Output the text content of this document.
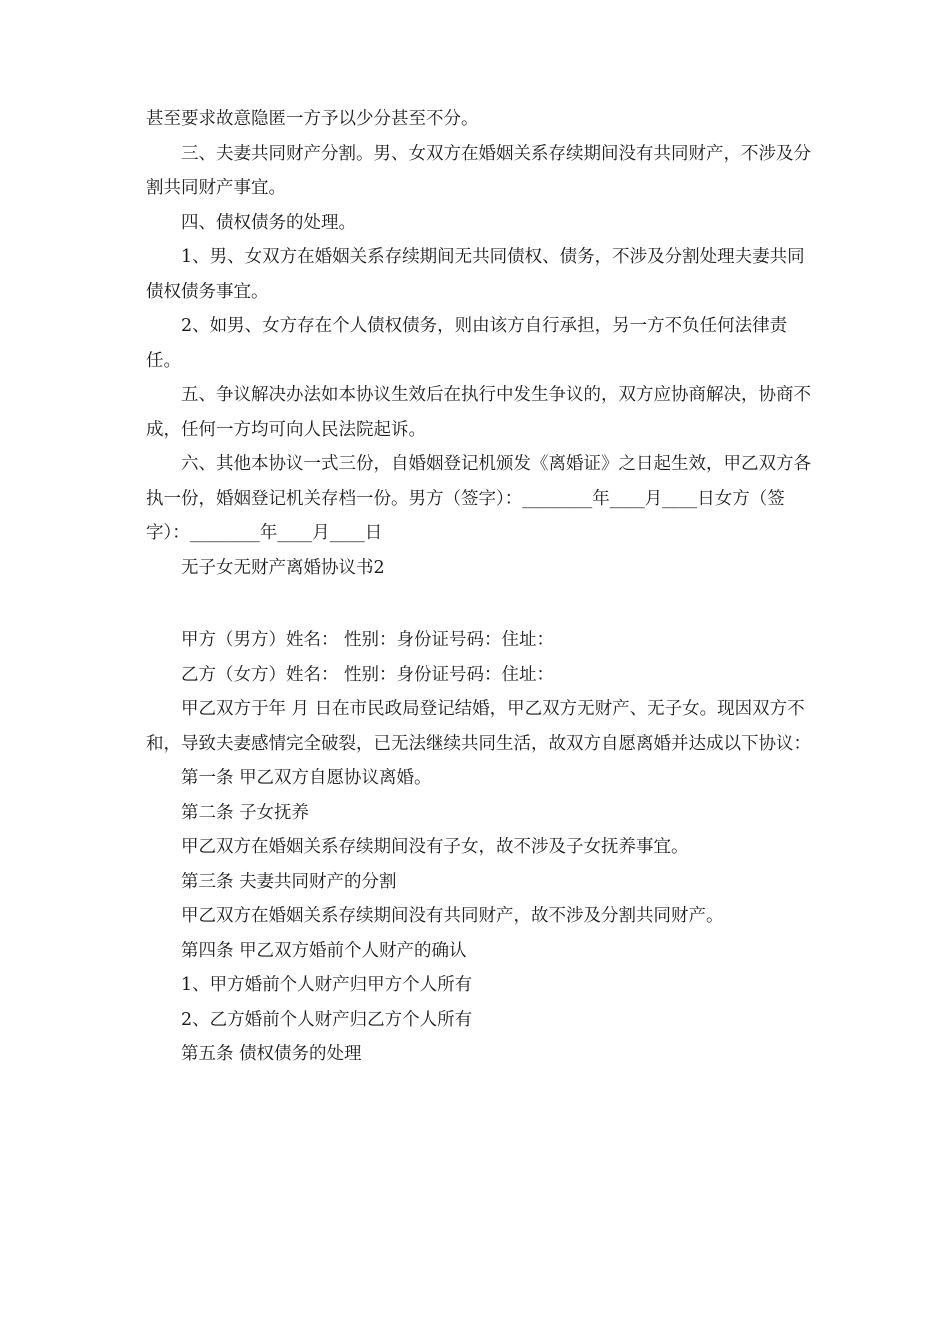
甚至要求故意隐匿一方予以少分甚至不分。

三、夫妻共同财产分割。男、女双方在婚姻关系存续期间没有共同财产，不涉及分割共同财产事宜。

四、债权债务的处理。

1、男、女双方在婚姻关系存续期间无共同债权、债务，不涉及分割处理夫妻共同债权债务事宜。

2、如男、女方存在个人债权债务，则由该方自行承担，另一方不负任何法律责任。

五、争议解决办法如本协议生效后在执行中发生争议的，双方应协商解决，协商不成，任何一方均可向人民法院起诉。

六、其他本协议一式三份，自婚姻登记机颁发《离婚证》之日起生效，甲乙双方各执一份，婚姻登记机关存档一份。男方（签字）：________年____月____日女方（签字）：________年____月____日

无子女无财产离婚协议书2

甲方（男方）姓名： 性别：身份证号码：住址：

乙方（女方）姓名： 性别：身份证号码：住址：

甲乙双方于年 月 日在市民政局登记结婚，甲乙双方无财产、无子女。现因双方不和，导致夫妻感情完全破裂，已无法继续共同生活，故双方自愿离婚并达成以下协议：

第一条 甲乙双方自愿协议离婚。

第二条 子女抚养

甲乙双方在婚姻关系存续期间没有子女，故不涉及子女抚养事宜。

第三条 夫妻共同财产的分割

甲乙双方在婚姻关系存续期间没有共同财产，故不涉及分割共同财产。

第四条 甲乙双方婚前个人财产的确认

1、甲方婚前个人财产归甲方个人所有

2、乙方婚前个人财产归乙方个人所有

第五条 债权债务的处理
